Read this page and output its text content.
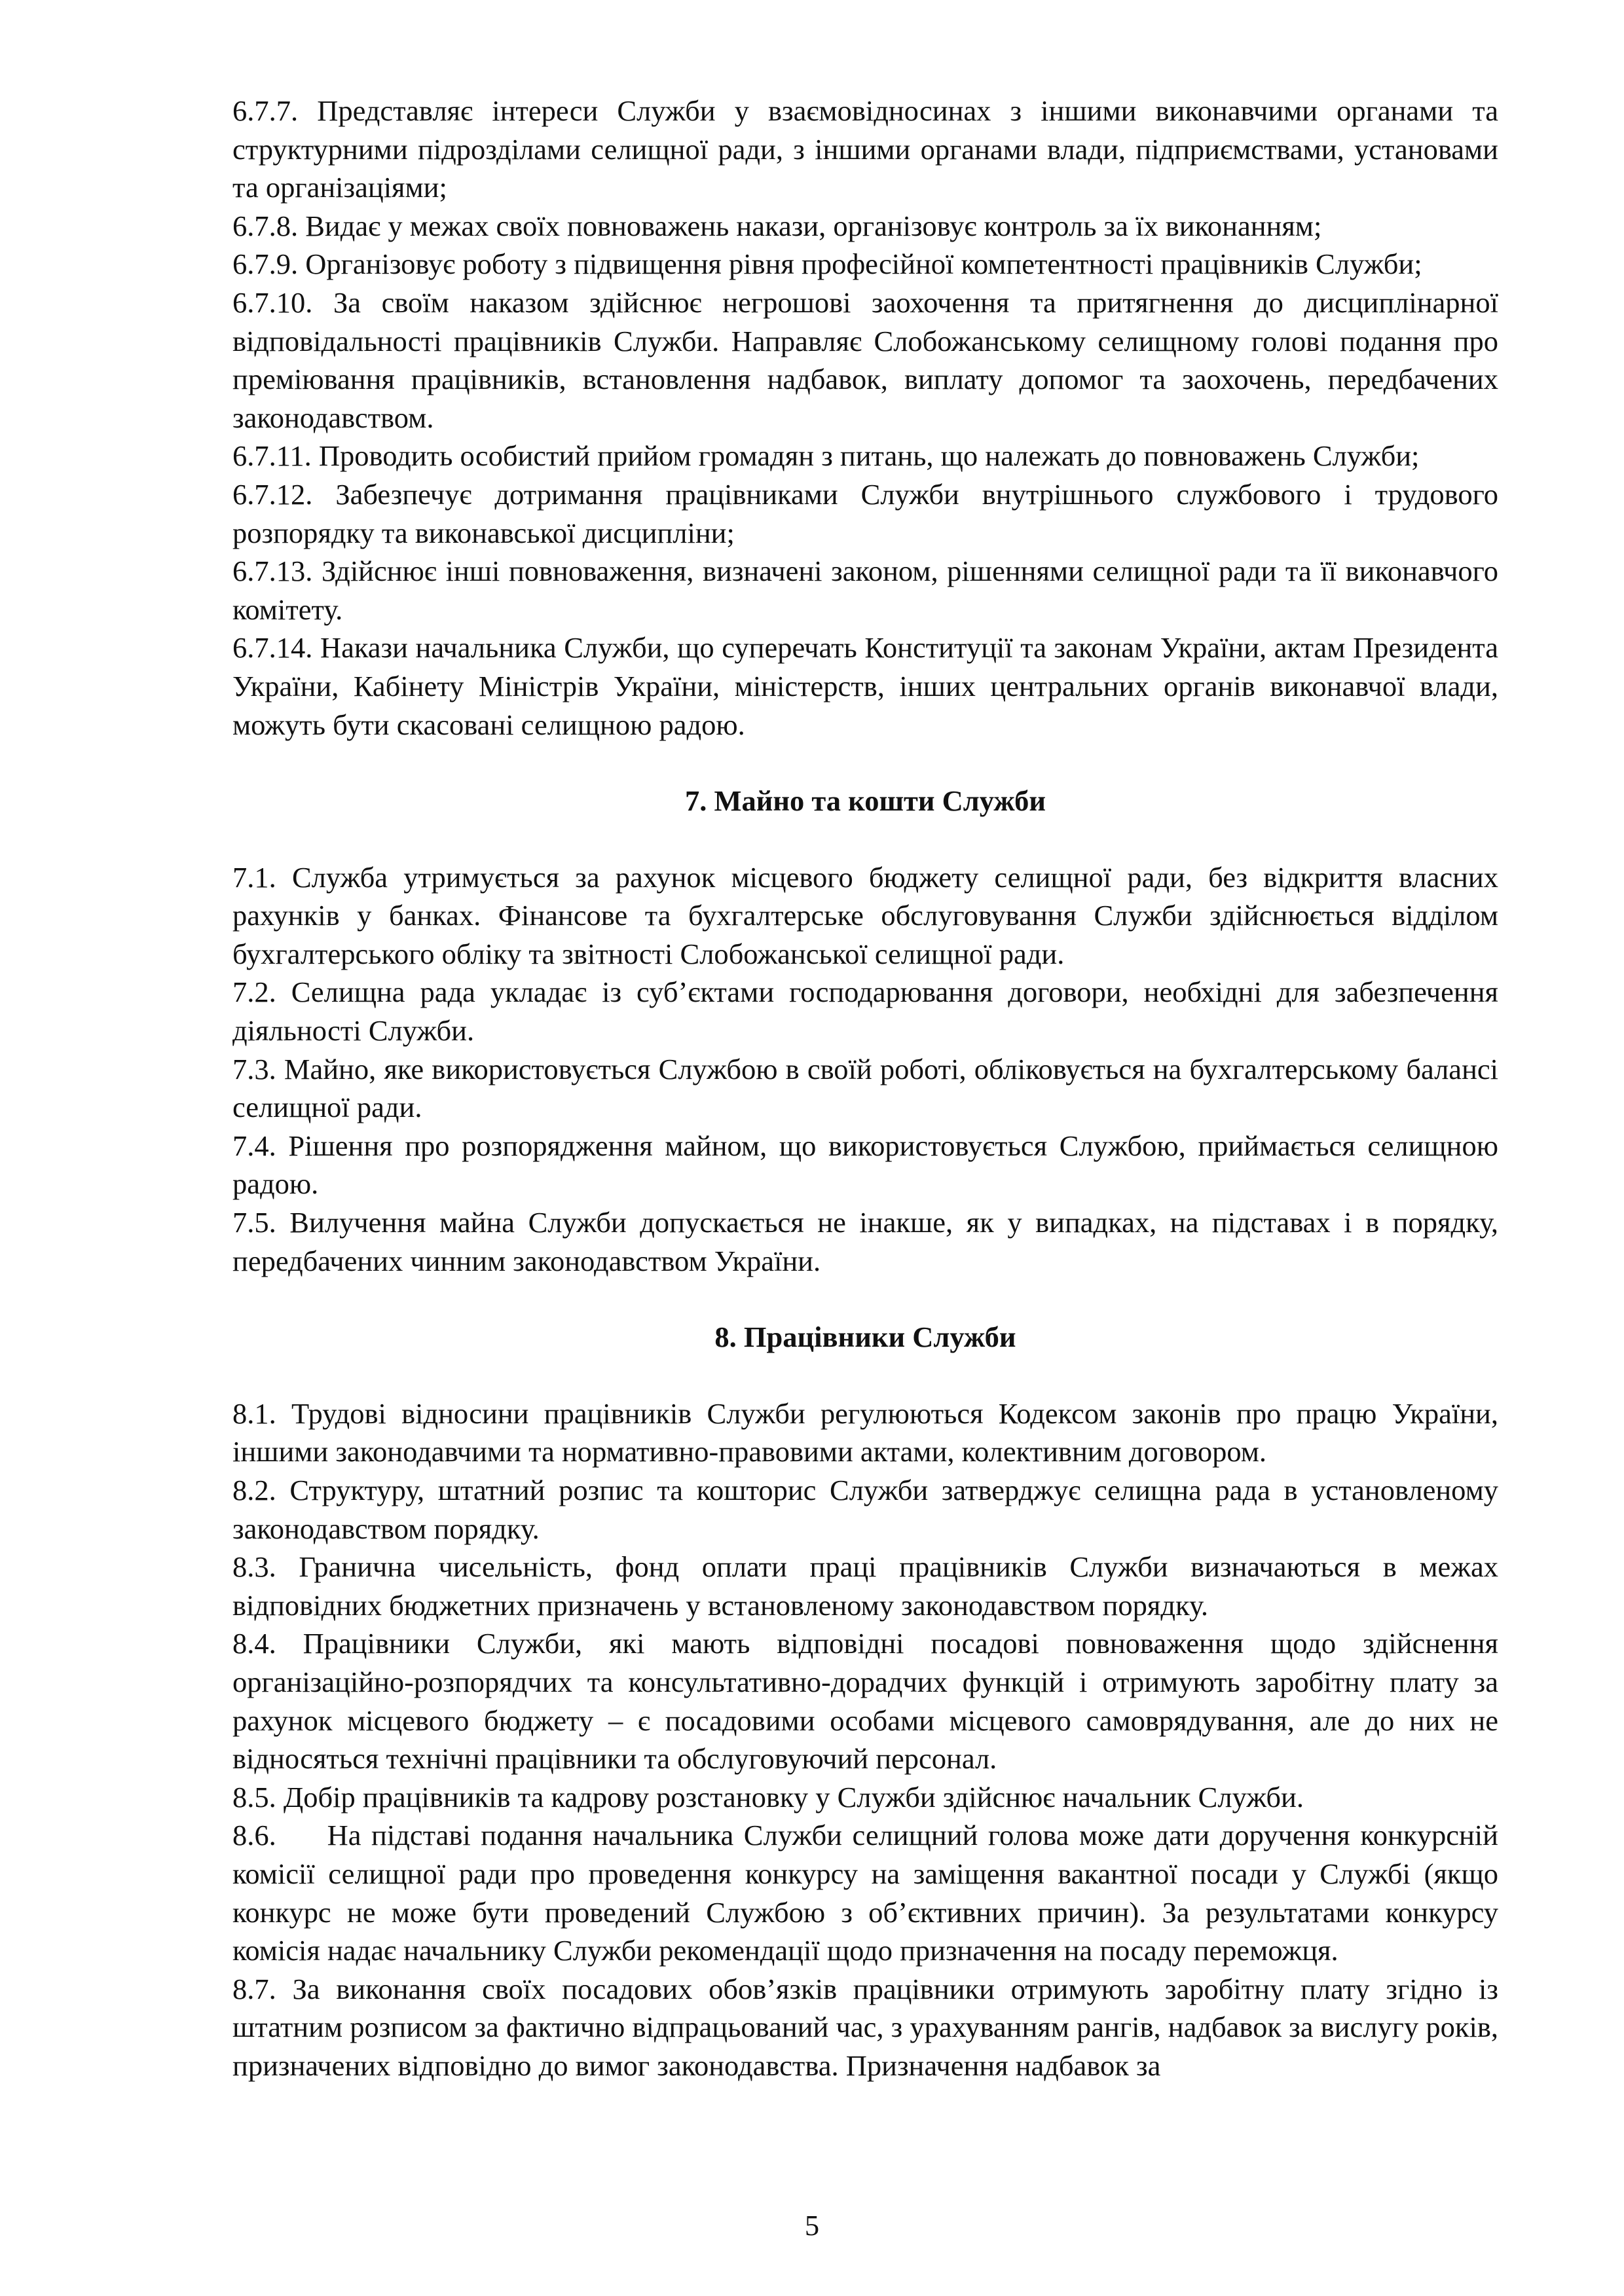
6.7.7. Представляє інтереси Служби у взаємовідносинах з іншими виконавчими органами та структурними підрозділами селищної ради, з іншими органами влади, підприємствами, установами та організаціями;

6.7.8. Видає у межах своїх повноважень накази, організовує контроль за їх виконанням;

6.7.9. Організовує роботу з підвищення рівня професійної компетентності працівників Служби;

6.7.10. За своїм наказом здійснює негрошові заохочення та притягнення до дисциплінарної відповідальності працівників Служби. Направляє Слобожанському селищному голові подання про преміювання працівників, встановлення надбавок, виплату допомог та заохочень, передбачених законодавством.

6.7.11. Проводить особистий прийом громадян з питань, що належать до повноважень Служби;

6.7.12. Забезпечує дотримання працівниками Служби внутрішнього службового і трудового розпорядку та виконавської дисципліни;

6.7.13. Здійснює інші повноваження, визначені законом, рішеннями селищної ради та її виконавчого комітету.

6.7.14. Накази начальника Служби, що суперечать Конституції та законам України, актам Президента України, Кабінету Міністрів України, міністерств, інших центральних органів виконавчої влади, можуть бути скасовані селищною радою.

7. Майно та кошти Служби

7.1. Служба утримується за рахунок місцевого бюджету селищної ради, без відкриття власних рахунків у банках. Фінансове та бухгалтерське обслуговування Служби здійснюється відділом бухгалтерського обліку та звітності Слобожанської селищної ради.

7.2. Селищна рада укладає із суб’єктами господарювання договори, необхідні для забезпечення діяльності Служби.

7.3. Майно, яке використовується Службою в своїй роботі, обліковується на бухгалтерському балансі селищної ради.

7.4. Рішення про розпорядження майном, що використовується Службою, приймається селищною радою.

7.5. Вилучення майна Служби допускається не інакше, як у випадках, на підставах і в порядку, передбачених чинним законодавством України.

8. Працівники Служби

8.1. Трудові відносини працівників Служби регулюються Кодексом законів про працю України, іншими законодавчими та нормативно-правовими актами, колективним договором.

8.2. Структуру, штатний розпис та кошторис Служби затверджує селищна рада в установленому законодавством порядку.

8.3. Гранична чисельність, фонд оплати праці працівників Служби визначаються в межах відповідних бюджетних призначень у встановленому законодавством порядку.

8.4. Працівники Служби, які мають відповідні посадові повноваження щодо здійснення організаційно-розпорядчих та консультативно-дорадчих функцій і отримують заробітну плату за рахунок місцевого бюджету – є посадовими особами місцевого самоврядування, але до них не відносяться технічні працівники та обслуговуючий персонал.

8.5. Добір працівників та кадрову розстановку у Служби здійснює начальник Служби.

8.6.     На підставі подання начальника Служби селищний голова може дати доручення конкурсній комісії селищної ради про проведення конкурсу на заміщення вакантної посади у Службі (якщо конкурс не може бути проведений Службою з об’єктивних причин). За результатами конкурсу комісія надає начальнику Служби рекомендації щодо призначення на посаду переможця.

8.7. За виконання своїх посадових обов’язків працівники отримують заробітну плату згідно із штатним розписом за фактично відпрацьований час, з урахуванням рангів, надбавок за вислугу років, призначених відповідно до вимог законодавства. Призначення надбавок за

5
